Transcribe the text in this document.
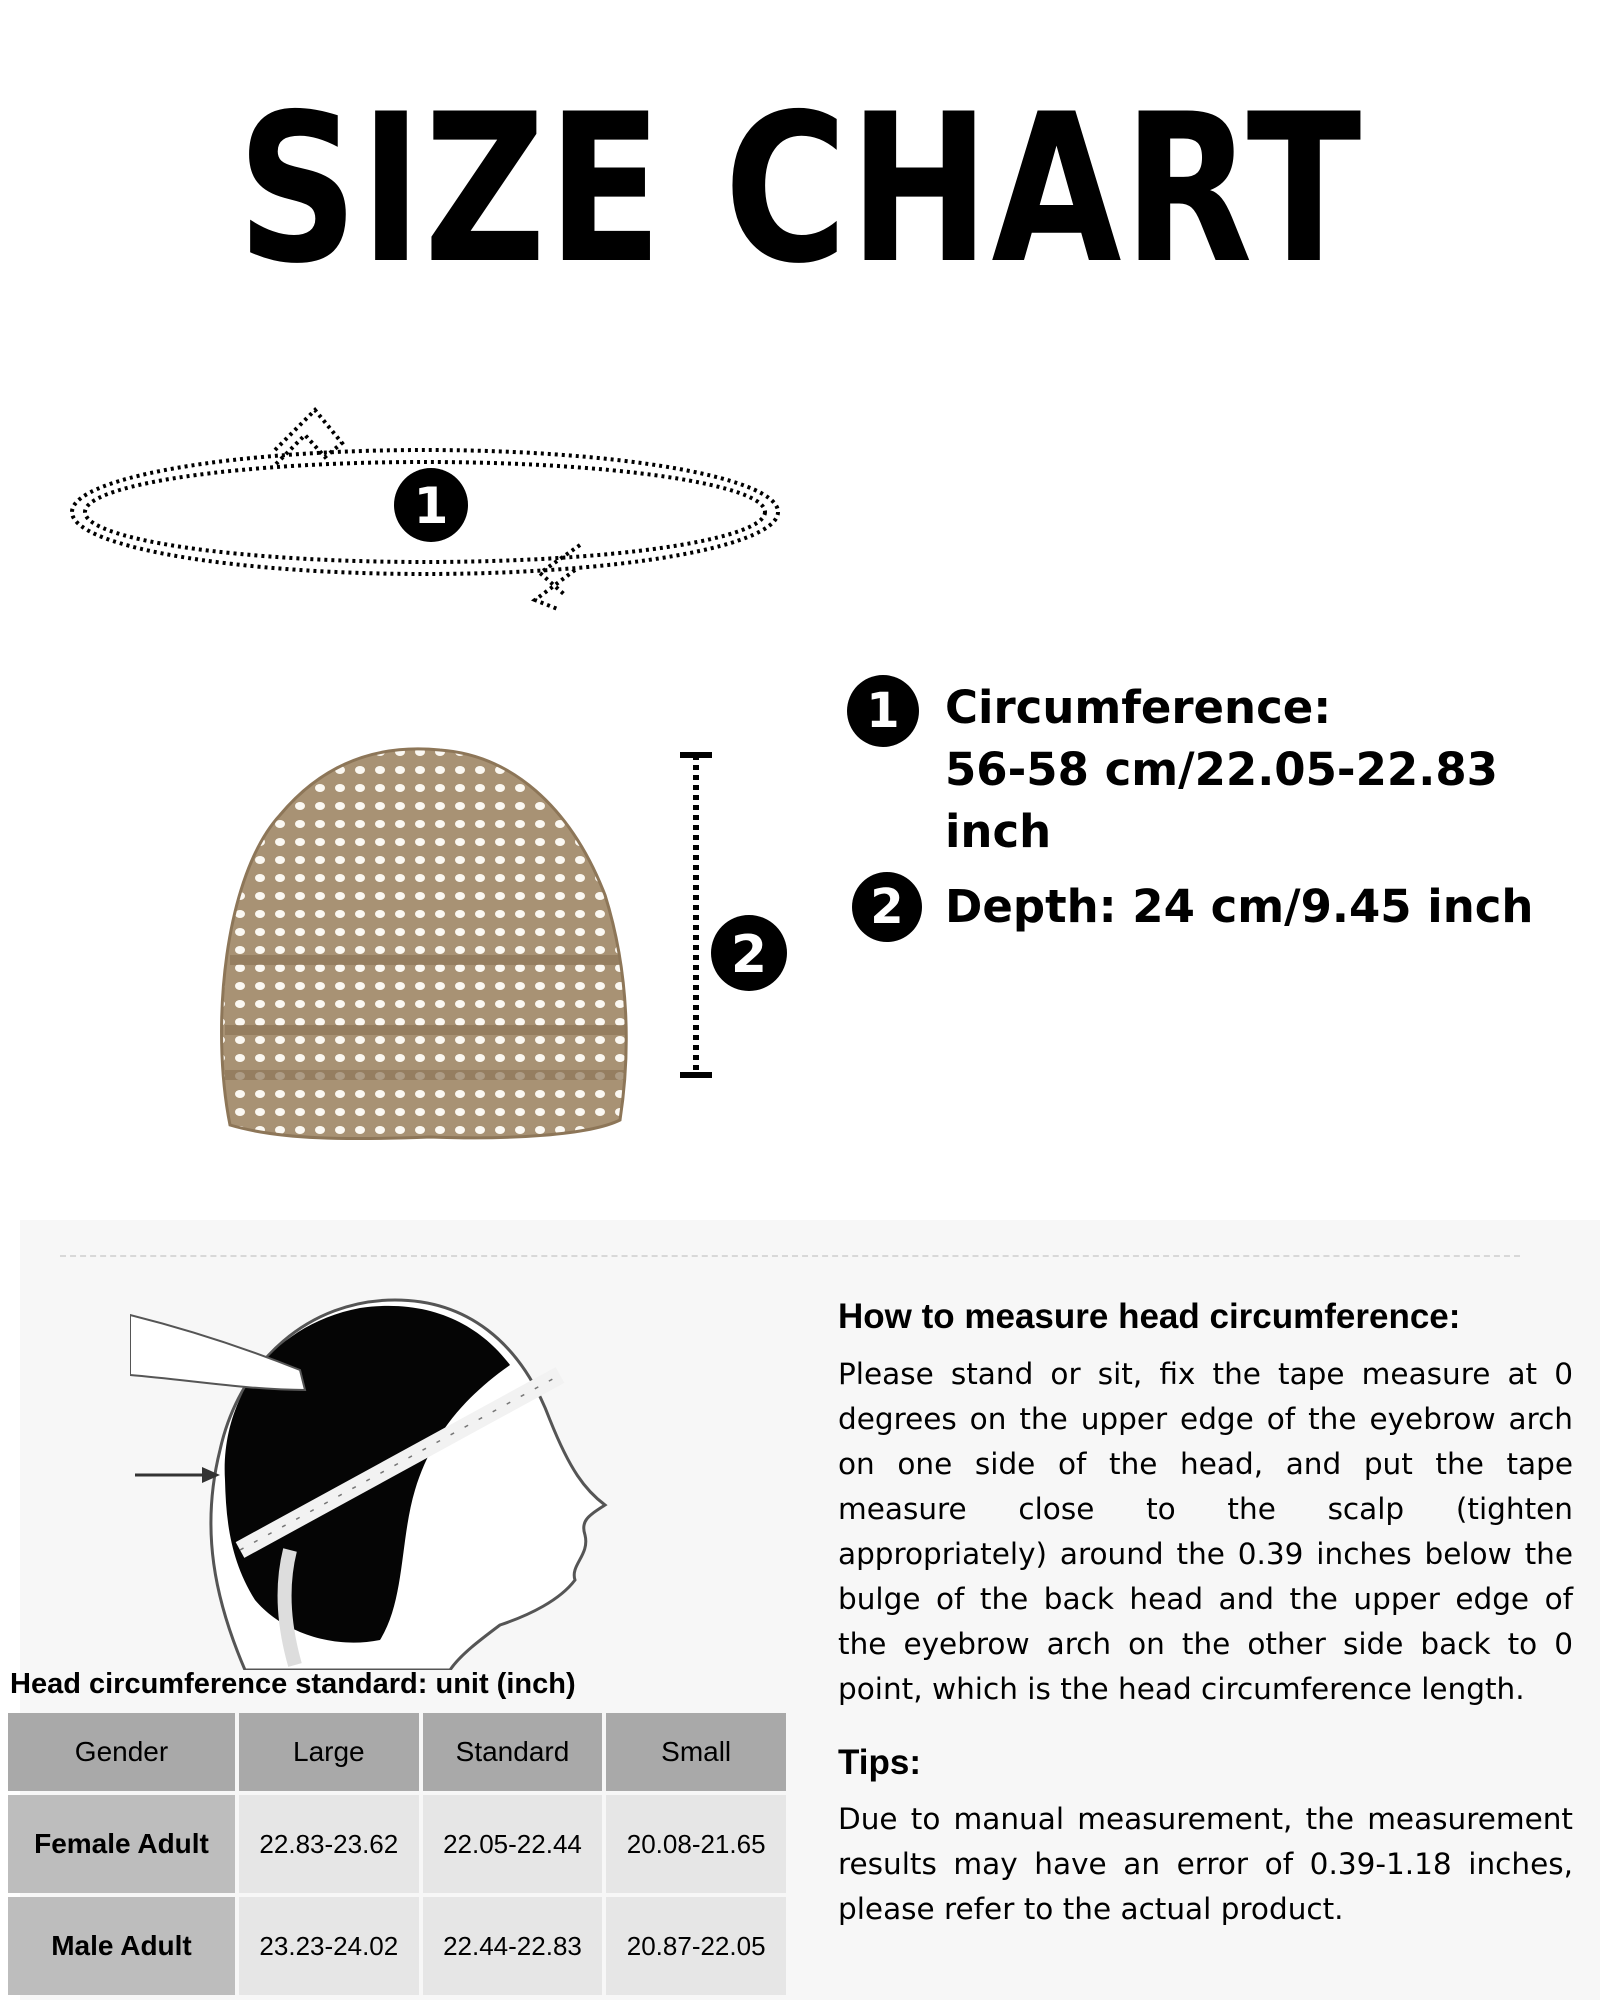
SIZE CHART
1
2
1	Circumference:
56-58 cm/22.05-22.83 inch
2 Depth: 24 cm/9.45 inch
How to measure head circumference:
Please stand or sit, fix the tape measure at 0 degrees on the upper edge of the eyebrow arch on one side of the head, and put the tape measure close to the scalp (tighten appropriately) around the 0.39 inches below the bulge of the back head and the upper edge of the eyebrow arch on the other side back to 0 point, which is the head circumference length.
Tips:
Due to manual measurement, the measurement results may have an error of 0.39-1.18 inches, please refer to the actual product.
Head circumference standard: unit (inch)
Gender	Large	Standard	Small
Female Adult	22.83-23.62	22.05-22.44	20.08-21.65
Male Adult	23.23-24.02	22.44-22.83	20.87-22.05
